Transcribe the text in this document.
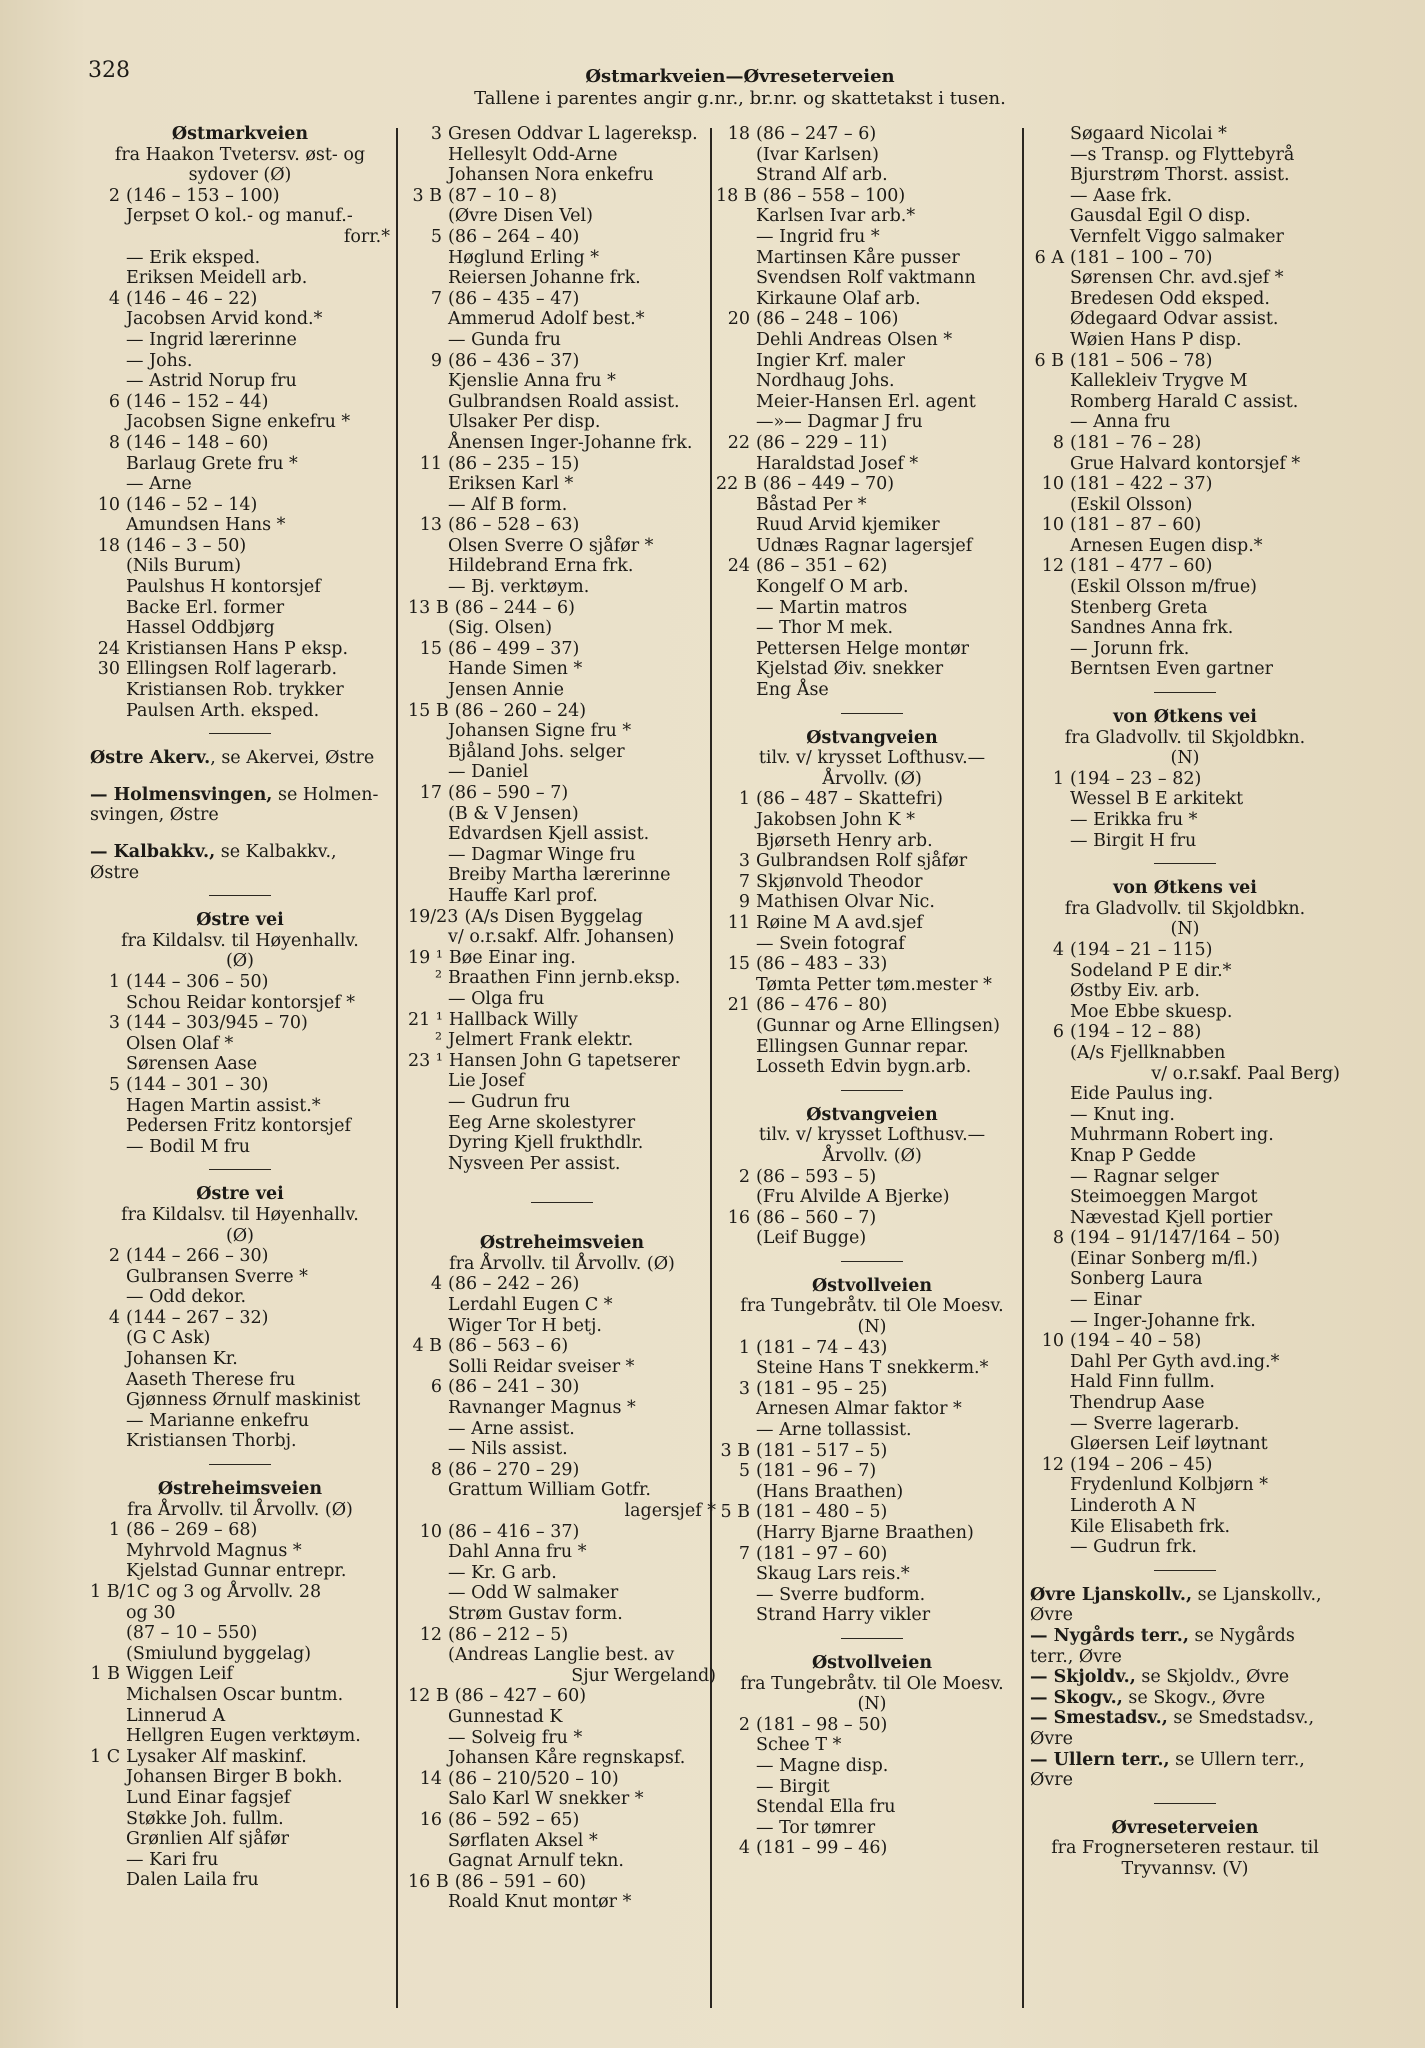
328	Østmarkveien—Øvreseterveien
Tallene i parentes angir g.nr., br.nr. og skattetakst i tusen.
Østmarkveien
fra Haakon Tvetersv. øst- og
sydover (Ø)
2 (146 – 153 – 100)
Jerpset O kol.- og manuf.-
forr.*
— Erik eksped.
Eriksen Meidell arb.
4 (146 – 46 – 22)
Jacobsen Arvid kond.*
— Ingrid lærerinne
— Johs.
— Astrid Norup fru
6 (146 – 152 – 44)
Jacobsen Signe enkefru *
8 (146 – 148 – 60)
Barlaug Grete fru *
— Arne
10 (146 – 52 – 14)
Amundsen Hans *
18 (146 – 3 – 50)
(Nils Burum)
Paulshus H kontorsjef
Backe Erl. former
Hassel Oddbjørg
24 Kristiansen Hans P eksp.
30 Ellingsen Rolf lagerarb.
Kristiansen Rob. trykker
Paulsen Arth. eksped.
Østre Akerv., se Akervei, Østre
— Holmensvingen, se Holmen-
svingen, Østre
— Kalbakkv., se Kalbakkv.,
Østre
Østre vei
fra Kildalsv. til Høyenhallv.
(Ø)
1 (144 – 306 – 50)
Schou Reidar kontorsjef *
3 (144 – 303/945 – 70)
Olsen Olaf *
Sørensen Aase
5 (144 – 301 – 30)
Hagen Martin assist.*
Pedersen Fritz kontorsjef
— Bodil M fru
Østre vei
fra Kildalsv. til Høyenhallv.
(Ø)
2 (144 – 266 – 30)
Gulbransen Sverre *
— Odd dekor.
4 (144 – 267 – 32)
(G C Ask)
Johansen Kr.
Aaseth Therese fru
Gjønness Ørnulf maskinist
— Marianne enkefru
Kristiansen Thorbj.
Østreheimsveien
fra Årvollv. til Årvollv. (Ø)
1 (86 – 269 – 68)
Myhrvold Magnus *
Kjelstad Gunnar entrepr.
1 B/1C og 3 og Årvollv. 28
og 30
(87 – 10 – 550)
(Smiulund byggelag)
1 B Wiggen Leif
Michalsen Oscar buntm.
Linnerud A
Hellgren Eugen verktøym.
1 C Lysaker Alf maskinf.
Johansen Birger B bokh.
Lund Einar fagsjef
Støkke Joh. fullm.
Grønlien Alf sjåfør
— Kari fru
Dalen Laila fru
3 Gresen Oddvar L lagereksp.
Hellesylt Odd-Arne
Johansen Nora enkefru
3 B (87 – 10 – 8)
(Øvre Disen Vel)
5 (86 – 264 – 40)
Høglund Erling *
Reiersen Johanne frk.
7 (86 – 435 – 47)
Ammerud Adolf best.*
— Gunda fru
9 (86 – 436 – 37)
Kjenslie Anna fru *
Gulbrandsen Roald assist.
Ulsaker Per disp.
Ånensen Inger-Johanne frk.
11 (86 – 235 – 15)
Eriksen Karl *
— Alf B form.
13 (86 – 528 – 63)
Olsen Sverre O sjåfør *
Hildebrand Erna frk.
— Bj. verktøym.
13 B (86 – 244 – 6)
(Sig. Olsen)
15 (86 – 499 – 37)
Hande Simen *
Jensen Annie
15 B (86 – 260 – 24)
Johansen Signe fru *
Bjåland Johs. selger
— Daniel
17 (86 – 590 – 7)
(B & V Jensen)
Edvardsen Kjell assist.
— Dagmar Winge fru
Breiby Martha lærerinne
Hauffe Karl prof.
19/23 (A/s Disen Byggelag
v/ o.r.sakf. Alfr. Johansen)
19 ¹ Bøe Einar ing.
² Braathen Finn jernb.eksp.
— Olga fru
21 ¹ Hallback Willy
² Jelmert Frank elektr.
23 ¹ Hansen John G tapetserer
Lie Josef
— Gudrun fru
Eeg Arne skolestyrer
Dyring Kjell frukthdlr.
Nysveen Per assist.
Østreheimsveien
fra Årvollv. til Årvollv. (Ø)
4 (86 – 242 – 26)
Lerdahl Eugen C *
Wiger Tor H betj.
4 B (86 – 563 – 6)
Solli Reidar sveiser *
6 (86 – 241 – 30)
Ravnanger Magnus *
— Arne assist.
— Nils assist.
8 (86 – 270 – 29)
Grattum William Gotfr.
lagersjef *
10 (86 – 416 – 37)
Dahl Anna fru *
— Kr. G arb.
— Odd W salmaker
Strøm Gustav form.
12 (86 – 212 – 5)
(Andreas Langlie best. av
Sjur Wergeland)
12 B (86 – 427 – 60)
Gunnestad K
— Solveig fru *
Johansen Kåre regnskapsf.
14 (86 – 210/520 – 10)
Salo Karl W snekker *
16 (86 – 592 – 65)
Sørflaten Aksel *
Gagnat Arnulf tekn.
16 B (86 – 591 – 60)
Roald Knut montør *
18 (86 – 247 – 6)
(Ivar Karlsen)
Strand Alf arb.
18 B (86 – 558 – 100)
Karlsen Ivar arb.*
— Ingrid fru *
Martinsen Kåre pusser
Svendsen Rolf vaktmann
Kirkaune Olaf arb.
20 (86 – 248 – 106)
Dehli Andreas Olsen *
Ingier Krf. maler
Nordhaug Johs.
Meier-Hansen Erl. agent
—»— Dagmar J fru
22 (86 – 229 – 11)
Haraldstad Josef *
22 B (86 – 449 – 70)
Båstad Per *
Ruud Arvid kjemiker
Udnæs Ragnar lagersjef
24 (86 – 351 – 62)
Kongelf O M arb.
— Martin matros
— Thor M mek.
Pettersen Helge montør
Kjelstad Øiv. snekker
Eng Åse
Østvangveien
tilv. v/ krysset Lofthusv.—
Årvollv. (Ø)
1 (86 – 487 – Skattefri)
Jakobsen John K *
Bjørseth Henry arb.
3 Gulbrandsen Rolf sjåfør
7 Skjønvold Theodor
9 Mathisen Olvar Nic.
11 Røine M A avd.sjef
— Svein fotograf
15 (86 – 483 – 33)
Tømta Petter tøm.mester *
21 (86 – 476 – 80)
(Gunnar og Arne Ellingsen)
Ellingsen Gunnar repar.
Losseth Edvin bygn.arb.
Østvangveien
tilv. v/ krysset Lofthusv.—
Årvollv. (Ø)
2 (86 – 593 – 5)
(Fru Alvilde A Bjerke)
16 (86 – 560 – 7)
(Leif Bugge)
Østvollveien
fra Tungebråtv. til Ole Moesv.
(N)
1 (181 – 74 – 43)
Steine Hans T snekkerm.*
3 (181 – 95 – 25)
Arnesen Almar faktor *
— Arne tollassist.
3 B (181 – 517 – 5)
5 (181 – 96 – 7)
(Hans Braathen)
5 B (181 – 480 – 5)
(Harry Bjarne Braathen)
7 (181 – 97 – 60)
Skaug Lars reis.*
— Sverre budform.
Strand Harry vikler
Østvollveien
fra Tungebråtv. til Ole Moesv.
(N)
2 (181 – 98 – 50)
Schee T *
— Magne disp.
— Birgit
Stendal Ella fru
— Tor tømrer
4 (181 – 99 – 46)
Søgaard Nicolai *
—s Transp. og Flyttebyrå
Bjurstrøm Thorst. assist.
— Aase frk.
Gausdal Egil O disp.
Vernfelt Viggo salmaker
6 A (181 – 100 – 70)
Sørensen Chr. avd.sjef *
Bredesen Odd eksped.
Ødegaard Odvar assist.
Wøien Hans P disp.
6 B (181 – 506 – 78)
Kallekleiv Trygve M
Romberg Harald C assist.
— Anna fru
8 (181 – 76 – 28)
Grue Halvard kontorsjef *
10 (181 – 422 – 37)
(Eskil Olsson)
10 (181 – 87 – 60)
Arnesen Eugen disp.*
12 (181 – 477 – 60)
(Eskil Olsson m/frue)
Stenberg Greta
Sandnes Anna frk.
— Jorunn frk.
Berntsen Even gartner
von Øtkens vei
fra Gladvollv. til Skjoldbkn.
(N)
1 (194 – 23 – 82)
Wessel B E arkitekt
— Erikka fru *
— Birgit H fru
von Øtkens vei
fra Gladvollv. til Skjoldbkn.
(N)
4 (194 – 21 – 115)
Sodeland P E dir.*
Østby Eiv. arb.
Moe Ebbe skuesp.
6 (194 – 12 – 88)
(A/s Fjellknabben
v/ o.r.sakf. Paal Berg)
Eide Paulus ing.
— Knut ing.
Muhrmann Robert ing.
Knap P Gedde
— Ragnar selger
Steimoeggen Margot
Nævestad Kjell portier
8 (194 – 91/147/164 – 50)
(Einar Sonberg m/fl.)
Sonberg Laura
— Einar
— Inger-Johanne frk.
10 (194 – 40 – 58)
Dahl Per Gyth avd.ing.*
Hald Finn fullm.
Thendrup Aase
— Sverre lagerarb.
Gløersen Leif løytnant
12 (194 – 206 – 45)
Frydenlund Kolbjørn *
Linderoth A N
Kile Elisabeth frk.
— Gudrun frk.
Øvre Ljanskollv., se Ljanskollv.,
Øvre
— Nygårds terr., se Nygårds
terr., Øvre
— Skjoldv., se Skjoldv., Øvre
— Skogv., se Skogv., Øvre
— Smestadsv., se Smedstadsv.,
Øvre
— Ullern terr., se Ullern terr.,
Øvre
Øvreseterveien
fra Frognerseteren restaur. til
Tryvannsv. (V)
